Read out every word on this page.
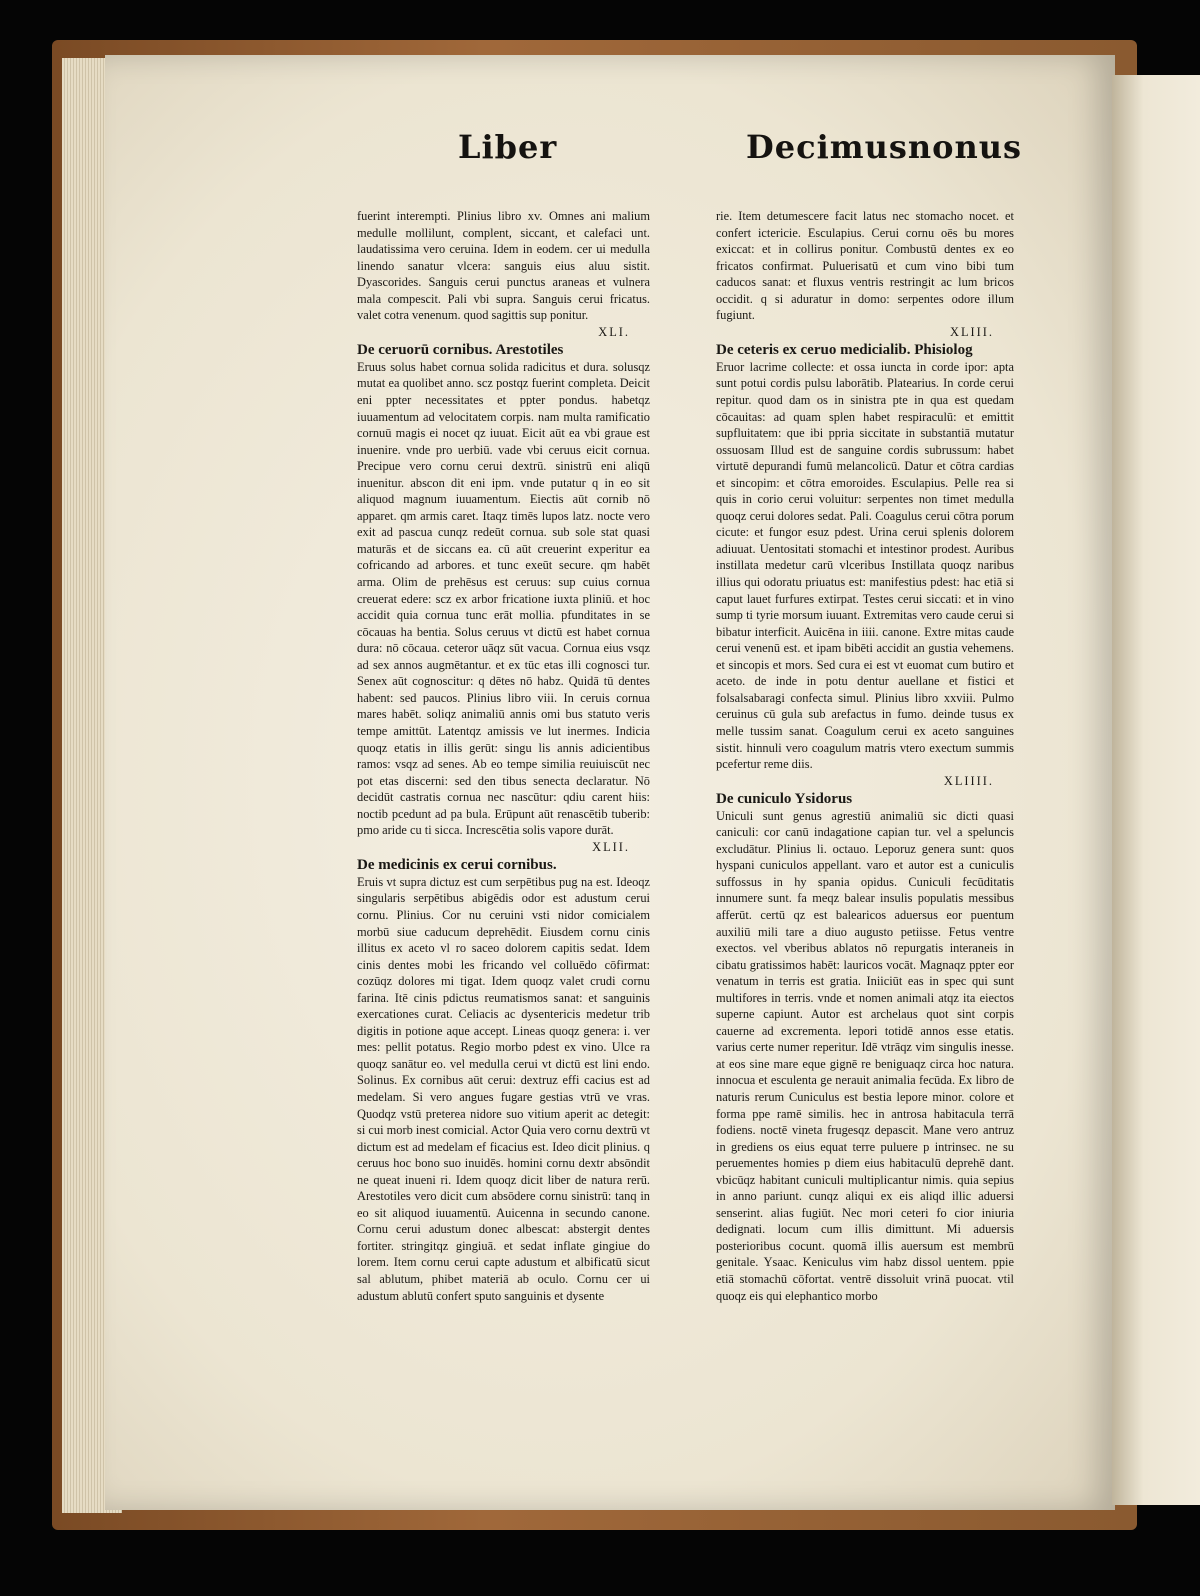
Liber	Decimusnonus

fuerint interempti. Plinius libro xv. Omnes ani malium medulle mollilunt, complent, siccant, et calefaci unt. laudatissima vero ceruina. Idem in eodem. cer ui medulla linendo sanatur vlcera: sanguis eius aluu sistit. Dyascorides. Sanguis cerui punctus araneas et vulnera mala compescit. Pali vbi supra. Sanguis cerui fricatus. valet cotra venenum. quod sagittis sup ponitur.

XLI.

De ceruorū cornibus. Arestotiles

Eruus solus habet cornua solida radicitus et dura. solusqz mutat ea quolibet anno. scz postqz fuerint completa. Deicit eni ppter necessitates et ppter pondus. habetqz iuuamentum ad velocitatem corpis. nam multa ramificatio cornuū magis ei nocet qz iuuat. Eicit aūt ea vbi graue est inuenire. vnde pro uerbiū. vade vbi ceruus eicit cornua. Precipue vero cornu cerui dextrū. sinistrū eni aliqū inuenitur. abscon dit eni ipm. vnde putatur q in eo sit aliquod magnum iuuamentum. Eiectis aūt cornib nō apparet. qm armis caret. Itaqz timēs lupos latz. nocte vero exit ad pascua cunqz redeūt cornua. sub sole stat quasi maturās et de siccans ea. cū aūt creuerint experitur ea cofricando ad arbores. et tunc exeūt secure. qm habēt arma. Olim de prehēsus est ceruus: sup cuius cornua creuerat edere: scz ex arbor fricatione iuxta pliniū. et hoc accidit quia cornua tunc erāt mollia. pfunditates in se cōcauas ha bentia. Solus ceruus vt dictū est habet cornua dura: nō cōcaua. ceteror uāqz sūt vacua. Cornua eius vsqz ad sex annos augmētantur. et ex tūc etas illi cognosci tur. Senex aūt cognoscitur: q dētes nō habz. Quidā tū dentes habent: sed paucos. Plinius libro viii. In ceruis cornua mares habēt. soliqz animaliū annis omi bus statuto veris tempe amittūt. Latentqz amissis ve lut inermes. Indicia quoqz etatis in illis gerūt: singu lis annis adicientibus ramos: vsqz ad senes. Ab eo tempe similia reuiuiscūt nec pot etas discerni: sed den tibus senecta declaratur. Nō decidūt castratis cornua nec nascūtur: qdiu carent hiis: noctib pcedunt ad pa bula. Erūpunt aūt renascētib tuberib: pmo aride cu ti sicca. Increscētia solis vapore durāt.

XLII.

De medicinis ex cerui cornibus.

Eruis vt supra dictuz est cum serpētibus pug na est. Ideoqz singularis serpētibus abigēdis odor est adustum cerui cornu. Plinius. Cor nu ceruini vsti nidor comicialem morbū siue caducum deprehēdit. Eiusdem cornu cinis illitus ex aceto vl ro saceo dolorem capitis sedat. Idem cinis dentes mobi les fricando vel colluēdo cōfirmat: cozūqz dolores mi tigat. Idem quoqz valet crudi cornu farina. Itē cinis pdictus reumatismos sanat: et sanguinis exercationes curat. Celiacis ac dysentericis medetur trib digitis in potione aque accept. Lineas quoqz genera: i. ver mes: pellit potatus. Regio morbo pdest ex vino. Ulce ra quoqz sanātur eo. vel medulla cerui vt dictū est lini endo. Solinus. Ex cornibus aūt cerui: dextruz effi cacius est ad medelam. Si vero angues fugare gestias vtrū ve vras. Quodqz vstū preterea nidore suo vitium aperit ac detegit: si cui morb inest comicial. Actor Quia vero cornu dextrū vt dictum est ad medelam ef ficacius est. Ideo dicit plinius. q ceruus hoc bono suo inuidēs. homini cornu dextr absōndit ne queat inueni ri. Idem quoqz dicit liber de natura rerū. Arestotiles vero dicit cum absōdere cornu sinistrū: tanq in eo sit aliquod iuuamentū. Auicenna in secundo canone. Cornu cerui adustum donec albescat: abstergit dentes fortiter. stringitqz gingiuā. et sedat inflate gingiue do lorem. Item cornu cerui capte adustum et albificatū sicut sal ablutum, phibet materiā ab oculo. Cornu cer ui adustum ablutū confert sputo sanguinis et dysente

rie. Item detumescere facit latus nec stomacho nocet. et confert ictericie. Esculapius. Cerui cornu oēs bu mores exiccat: et in collirus ponitur. Combustū dentes ex eo fricatos confirmat. Puluerisatū et cum vino bibi tum caducos sanat: et fluxus ventris restringit ac lum bricos occidit. q si aduratur in domo: serpentes odore illum fugiunt.

XLIII.

De ceteris ex ceruo medicialib. Phisiolog

Eruor lacrime collecte: et ossa iuncta in corde ipor: apta sunt potui cordis pulsu laborātib. Platearius. In corde cerui repitur. quod dam os in sinistra pte in qua est quedam cōcauitas: ad quam splen habet respiraculū: et emittit supfluitatem: que ibi ppria siccitate in substantiā mutatur ossuosam Illud est de sanguine cordis subrussum: habet virtutē depurandi fumū melancolicū. Datur et cōtra cardias et sincopim: et cōtra emoroides. Esculapius. Pelle rea si quis in corio cerui voluitur: serpentes non timet medulla quoqz cerui dolores sedat. Pali. Coagulus cerui cōtra porum cicute: et fungor esuz pdest. Urina cerui splenis dolorem adiuuat. Uentositati stomachi et intestinor prodest. Auribus instillata medetur carū vlceribus Instillata quoqz naribus illius qui odoratu priuatus est: manifestius pdest: hac etiā si caput lauet furfures extirpat. Testes cerui siccati: et in vino sump ti tyrie morsum iuuant. Extremitas vero caude cerui si bibatur interficit. Auicēna in iiii. canone. Extre mitas caude cerui venenū est. et ipam bibēti accidit an gustia vehemens. et sincopis et mors. Sed cura ei est vt euomat cum butiro et aceto. de inde in potu dentur auellane et fistici et folsalsabaragi confecta simul. Plinius libro xxviii. Pulmo ceruinus cū gula sub arefactus in fumo. deinde tusus ex melle tussim sanat. Coagulum cerui ex aceto sanguines sistit. hinnuli vero coagulum matris vtero exectum summis pcefertur reme diis.

XLIIII.

De cuniculo Ysidorus

Uniculi sunt genus agrestiū animaliū sic dicti quasi caniculi: cor canū indagatione capian tur. vel a speluncis excludātur. Plinius li. octauo. Leporuz genera sunt: quos hyspani cuniculos appellant. varo et autor est a cuniculis suffossus in hy spania opidus. Cuniculi fecūditatis innumere sunt. fa meqz balear insulis populatis messibus afferūt. certū qz est balearicos aduersus eor puentum auxiliū mili tare a diuo augusto petiisse. Fetus ventre exectos. vel vberibus ablatos nō repurgatis interaneis in cibatu gratissimos habēt: lauricos vocāt. Magnaqz ppter eor venatum in terris est gratia. Iniiciūt eas in spec qui sunt multifores in terris. vnde et nomen animali atqz ita eiectos superne capiunt. Autor est archelaus quot sint corpis cauerne ad excrementa. lepori totidē annos esse etatis. varius certe numer reperitur. Idē vtrāqz vim singulis inesse. at eos sine mare eque gignē re beniguaqz circa hoc natura. innocua et esculenta ge nerauit animalia fecūda. Ex libro de naturis rerum Cuniculus est bestia lepore minor. colore et forma ppe ramē similis. hec in antrosa habitacula terrā fodiens. noctē vineta frugesqz depascit. Mane vero antruz in grediens os eius equat terre puluere p intrinsec. ne su peruementes homies p diem eius habitaculū deprehē dant. vbicūqz habitant cuniculi multiplicantur nimis. quia sepius in anno pariunt. cunqz aliqui ex eis aliqd illic aduersi senserint. alias fugiūt. Nec mori ceteri fo cior iniuria dedignati. locum cum illis dimittunt. Mi aduersis posterioribus cocunt. quomā illis auersum est membrū genitale. Ysaac. Keniculus vim habz dissol uentem. ppie etiā stomachū cōfortat. ventrē dissoluit vrinā puocat. vtil quoqz eis qui elephantico morbo
